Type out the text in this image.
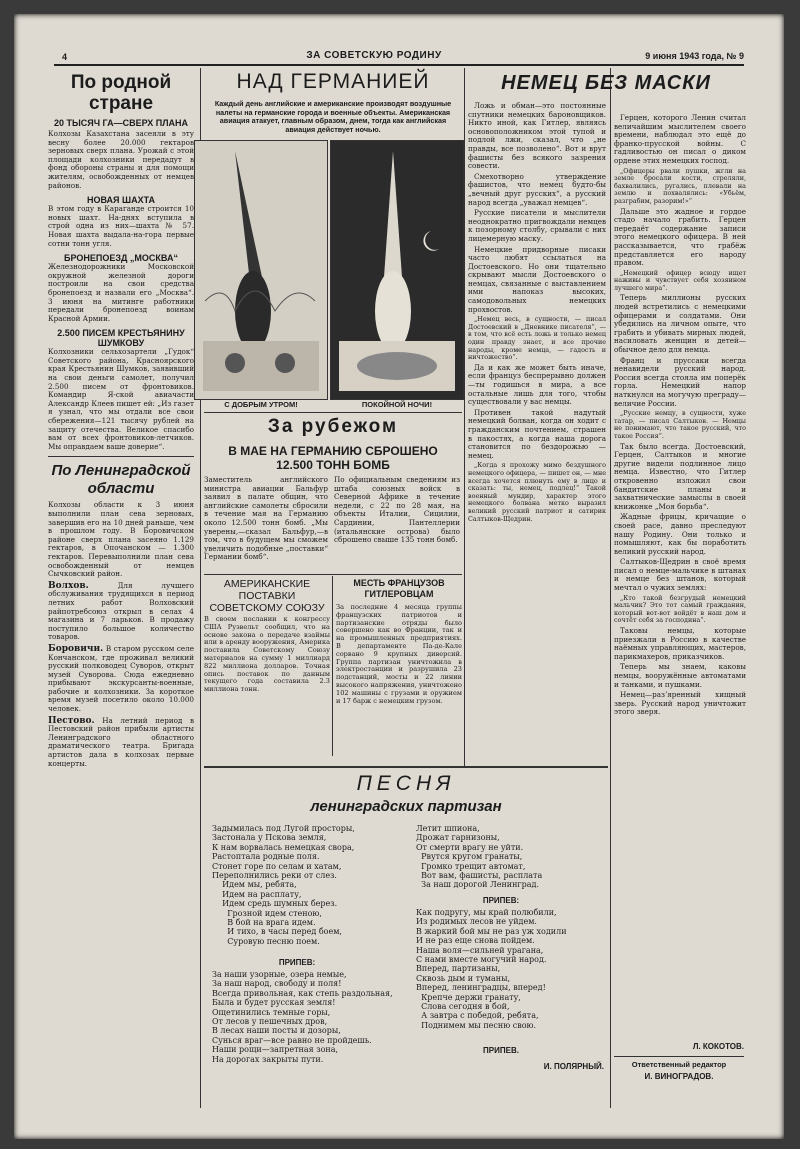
4	ЗА СОВЕТСКУЮ РОДИНУ	9 июня 1943 года, № 9
По родной стране
20 ТЫСЯЧ ГА—СВЕРХ ПЛАНА
Колхозы Казахстана засеяли в эту весну более 20.000 гектаров зерновых сверх плана. Урожай с этой площади колхозники передадут в фонд обороны страны и для помощи жителям, освобожденных от немцев районов.
НОВАЯ ШАХТА
В этом году в Караганде строится 10 новых шахт. На-днях вступила в строй одна из них—шахта № 57. Новая шахта выдала-на-гора первые сотни тонн угля.
БРОНЕПОЕЗД „МОСКВА“
Железнодорожники Московской окружной железной дороги построили на свои средства бронепоезд и назвали его „Москва“. 3 июня на митинге работники передали бронепоезд воинам Красной Армии.
2.500 ПИСЕМ КРЕСТЬЯНИНУ ШУМКОВУ
Колхозники сельхозартели „Гудок“ Советского района, Красноярского края Крестьянин Шумков, заявивший на свои деньги самолет, получил 2.500 писем от фронтовиков. Командир Я-ской авиачасти Александр Клеев пишет ей: „Из газет я узнал, что мы отдали все свои сбережения—121 тысячу рублей на защиту отечества. Великое спасибо вам от всех фронтовиков-летчиков. Мы оправдаем ваше доверие“.
По Ленинградской области
Колхозы области к 3 июня выполнили план сева зерновых, завершив его на 10 дней раньше, чем в прошлом году. В Боровичском районе сверх плана засеяно 1.129 гектаров, в Опочанском — 1.300 гектаров. Перевыполнили план сева освобожденный от немцев Сычковский район.
Волхов.	Для лучшего обслуживания трудящихся в период летних работ Волховский райпотребсоюз открыл в селах 4 магазина и 7 ларьков. В продажу поступило большое количество товаров.
Боровичи. В старом русском селе Кончанском, где проживал великий русский полководец Суворов, открыт музей Суворова. Сюда ежедневно прибывают экскурсанты-военные, рабочие и колхозники. За короткое время музей посетило около 10.000 человек.
Пестово. На летний период в Пестовский район прибыли артисты Ленинградского областного драматического театра. Бригада артистов дала в колхозах первые концерты.
НАД ГЕРМАНИЕЙ
Каждый день английские и американские производят воздушные налеты на германские города и военные объекты. Американская авиация атакует, главным образом, днем, тогда как английская авиация действует ночью.
С ДОБРЫМ УТРОМ!	ПОКОЙНОЙ НОЧИ!
За рубежом
В МАЕ НА ГЕРМАНИЮ СБРОШЕНО 12.500 ТОНН БОМБ
Заместитель английского министра авиации Бальфур заявил в палате общин, что английские самолеты сбросили в течение мая на Германию около 12.500 тонн бомб. „Мы уверены,—сказал Бальфур,—в том, что в будущем мы сможем увеличить подобные „поставки“ Германии бомб“.
По официальным сведениям из штаба союзных войск в Северной Африке в течение недели, с 22 по 28 мая, на объекты Италии, Сицилии, Сардинии, Пантеллерии (итальянские острова) было сброшено свыше 135 тонн бомб.
АМЕРИКАНСКИЕ ПОСТАВКИ СОВЕТСКОМУ СОЮЗУ
В своем послании к конгрессу США Рузвельт сообщил, что на основе закона о передаче взаймы или в аренду вооружения, Америка поставила Советскому Союзу материалов на сумму 1 миллиард 822 миллиона долларов. Точная опись поставок по данным текущего года составила 2.3 миллиона тонн.
МЕСТЬ ФРАНЦУЗОВ ГИТЛЕРОВЦАМ
За последние 4 месяца группы французских патриотов и партизанские отряды было совершено как во Франции, так и на промышленных предприятиях. В департаменте Па-де-Кале сорвано 9 крупных диверсий. Группа партизан уничтожила в электростанции и разрушила 23 подстанций, мосты и 22 линии высокого напряжения, уничтожено 102 машины с грузами и оружием и 17 барж с немецким грузом.
НЕМЕЦ БЕЗ МАСКИ

Ложь и обман—это постоянные спутники немецких бароновщиков. Никто иной, как Гитлер, являясь основоположником этой тупой и подлой лжи, сказал, что „не правды, все позволено“. Вот и врут фашисты без всякого зазрения совести.

Смехотворно утверждение фашистов, что немец будто-бы „вечный друг русских“, а русский народ всегда „уважал немцев“.

Русские писатели и мыслители неоднократно пригвождали немцев к позорному столбу, срывали с них лицемерную маску.

Немецкие придворные писаки часто любят ссылаться на Достоевского. Но они тщательно скрывают мысли Достоевского о немцах, связанные с выставлением ими напоказ высоких, самодовольных немецких прохвостов.

„Немец весь, в сущности, — писал Достоевский в „Дневнике писателя“, — в том, что всё есть ложь и только немец один правду знает, и все прочие народы, кроме немца, — гадость и ничтожество“.

Да и как же может быть иначе, если француз беспрерывно должен—ты годишься в мира, а все остальные лишь для того, чтобы существовали у вас немцы.

Противен такой надутый немецкий болван, когда он ходит с гражданским почтением, страшен в пакостях, а когда наша дорога становится по бездорожью — немец.

„Когда я прохожу мимо бездушного немецкого офицера, — пишет он, — мне всегда хочется плюнуть ему в лицо и сказать: ты, немец, подлец!“ Такой военный мундир, характер этого немецкого болвана метко выразил великий русский патриот и сатирик Салтыков-Щедрин.

Герцен, которого Ленин считал величайшим мыслителем своего времени, наблюдал это ещё до франко-прусской войны. С гадливостью он писал о диком ордене этих немецких господ.

„Офицеры рвали пушки, жгли на земле бросали кости, стреляли, бахвалились, ругались, плевали на землю и похвалялись: «Убьём, разграбим, разорим!»“

Дальше это жадное и гордое стадо начало грабить. Герцен передаёт содержание записи этого немецкого офицера. В ней рассказывается, что грабёж представляется его народу правом.

„Немецкий офицер всюду ищет наживы и чувствует себя хозяином лучшего мира“.

Теперь миллионы русских людей встретились с немецкими офицерами и солдатами. Они убедились на личном опыте, что грабить и убивать мирных людей, насиловать женщин и детей—обычное дело для немца.

Франц и пруссаки всегда ненавидели русский народ. Россия всегда стояла им поперёк горла. Немецкий напор наткнулся на могучую преграду—величие России.

„Русские немцу, в сущности, хуже татар, — писал Салтыков. — Немцы не понимают, что такое русский, что такое Россия“.

Так было всегда. Достоевский, Герцен, Салтыков и многие другие видели подлинное лицо немца. Известно, что Гитлер откровенно изложил свои бандитские планы и захватнические замыслы в своей книжонке „Моя борьба“.

Жадные фрицы, кричащие о своей расе, давно преследуют нашу Родину. Они только и помышляют, как бы поработить великий русский народ.

Салтыков-Щедрин в своё время писал о немце-мальчике в штанах и немце без штанов, который мечтал о чужих землях:

„Кто такой безгрудый немецкий мальчик? Это тот самый гражданин, который вот-вот войдёт в наш дом и сочтёт себя за господина“.

Таковы немцы, которые приезжали в Россию в качестве наёмных управляющих, мастеров, парикмахеров, приказчиков.

Теперь мы знаем, каковы немцы, вооружённые автоматами и танками, и пушками.

Немец—раз’яренный хищный зверь. Русский народ уничтожит этого зверя.

Л. КОКОТОВ.
Ответственный редактор
И. ВИНОГРАДОВ.
ПЕСНЯ
ленинградских партизан
Задымилась под Лугой просторы,
Застонала у Пскова земля,
К нам ворвалась немецкая свора,
Растоптала родные поля.
Стонет горе по селам и хатам,
Переполнились реки от слез.
Идем мы, ребята,
Идем на расплату,
Идем средь шумных берез.
Грозной идем стеною,
В бой на врага идем.
И тихо, в часы перед боем,
Суровую песню поем.
ПРИПЕВ:
За наши узорные, озера немые,
За наш народ, свободу и поля!
Всегда привольная, как степь раздольная,
Была и будет русская земля!
Ощетинились темные горы,
От лесов у пешечных дров,
В лесах наши посты и дозоры,
Сунься враг—все равно не пройдешь.
Наши рощи—запретная зона,
На дорогах закрыты пути.
Летит шпиона,
Дрожат гарнизоны,
От смерти врагу не уйти.
Рвутся кругом гранаты,
Громко трещит автомат,
Вот вам, фашисты, расплата
За наш дорогой Ленинград.
ПРИПЕВ:
Как подругу, мы край полюбили,
Из родимых лесов не уйдем.
В жаркий бой мы не раз уж ходили
И не раз еще снова пойдем.
Наша воля—сильней урагана,
С нами вместе могучий народ.
Вперед, партизаны,
Сквозь дым и туманы,
Вперед, ленинградцы, вперед!
Крепче держи гранату,
Слова сегодня в бой,
А завтра с победой, ребята,
Поднимем мы песню свою.
ПРИПЕВ.
И. ПОЛЯРНЫЙ.
